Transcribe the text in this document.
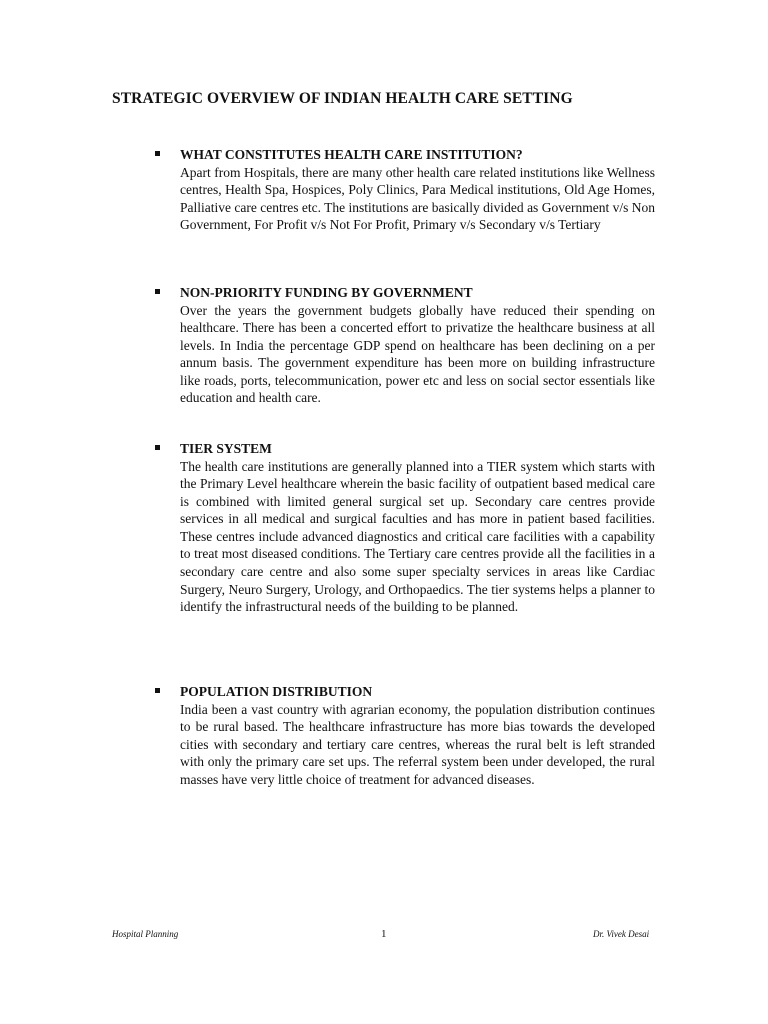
STRATEGIC OVERVIEW OF INDIAN HEALTH CARE SETTING
WHAT CONSTITUTES HEALTH CARE INSTITUTION?

Apart from Hospitals, there are many other health care related institutions like Wellness centres, Health Spa, Hospices, Poly Clinics, Para Medical institutions, Old Age Homes, Palliative care centres etc. The institutions are basically divided as Government v/s Non Government, For Profit v/s Not For Profit, Primary v/s Secondary v/s Tertiary

NON-PRIORITY FUNDING BY GOVERNMENT

Over the years the government budgets globally have reduced their spending on healthcare. There has been a concerted effort to privatize the healthcare business at all levels. In India the percentage GDP spend on healthcare has been declining on a per annum basis. The government expenditure has been more on building infrastructure like roads, ports, telecommunication, power etc and less on social sector essentials like education and health care.

TIER SYSTEM

The health care institutions are generally planned into a TIER system which starts with the Primary Level healthcare wherein the basic facility of outpatient based medical care is combined with limited general surgical set up. Secondary care centres provide services in all medical and surgical faculties and has more in patient based facilities. These centres include advanced diagnostics and critical care facilities with a capability to treat most diseased conditions. The Tertiary care centres provide all the facilities in a secondary care centre and also some super specialty services in areas like Cardiac Surgery, Neuro Surgery, Urology, and Orthopaedics. The tier systems helps a planner to identify the infrastructural needs of the building to be planned.

POPULATION DISTRIBUTION

India been a vast country with agrarian economy, the population distribution continues to be rural based. The healthcare infrastructure has more bias towards the developed cities with secondary and tertiary care centres, whereas the rural belt is left stranded with only the primary care set ups. The referral system been under developed, the rural masses have very little choice of treatment for advanced diseases.

Hospital Planning	1	Dr. Vivek Desai
